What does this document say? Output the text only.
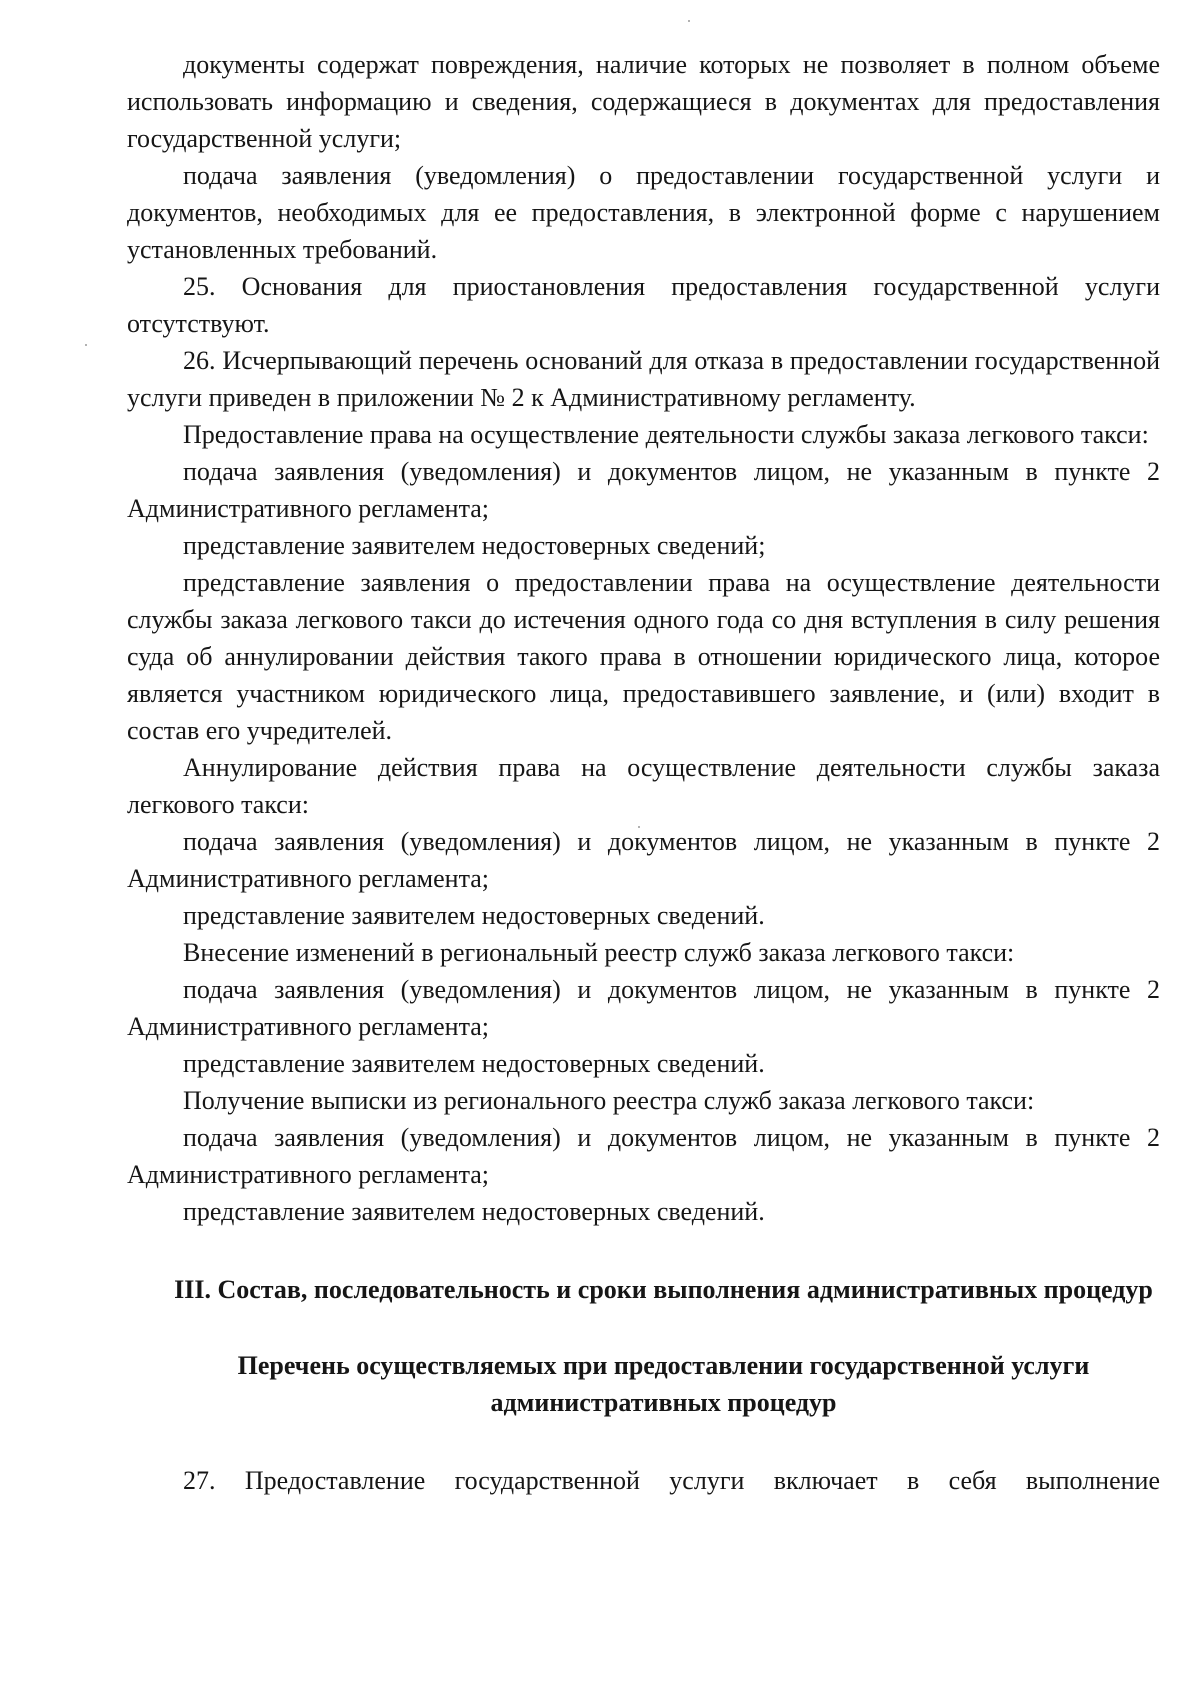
документы содержат повреждения, наличие которых не позволяет в полном объеме использовать информацию и сведения, содержащиеся в документах для предоставления государственной услуги;

подача заявления (уведомления) о предоставлении государственной услуги и документов, необходимых для ее предоставления, в электронной форме с нарушением установленных требований.

25. Основания для приостановления предоставления государственной услуги отсутствуют.

26. Исчерпывающий перечень оснований для отказа в предоставлении государственной услуги приведен в приложении № 2 к Административному регламенту.

Предоставление права на осуществление деятельности службы заказа легкового такси:

подача заявления (уведомления) и документов лицом, не указанным в пункте 2 Административного регламента;

представление заявителем недостоверных сведений;

представление заявления о предоставлении права на осуществление деятельности службы заказа легкового такси до истечения одного года со дня вступления в силу решения суда об аннулировании действия такого права в отношении юридического лица, которое является участником юридического лица, предоставившего заявление, и (или) входит в состав его учредителей.

Аннулирование действия права на осуществление деятельности службы заказа легкового такси:

подача заявления (уведомления) и документов лицом, не указанным в пункте 2 Административного регламента;

представление заявителем недостоверных сведений.

Внесение изменений в региональный реестр служб заказа легкового такси:

подача заявления (уведомления) и документов лицом, не указанным в пункте 2 Административного регламента;

представление заявителем недостоверных сведений.

Получение выписки из регионального реестра служб заказа легкового такси:

подача заявления (уведомления) и документов лицом, не указанным в пункте 2 Административного регламента;

представление заявителем недостоверных сведений.

III. Состав, последовательность и сроки выполнения административных процедур

Перечень осуществляемых при предоставлении государственной услуги административных процедур

27. Предоставление государственной услуги включает в себя выполнение
